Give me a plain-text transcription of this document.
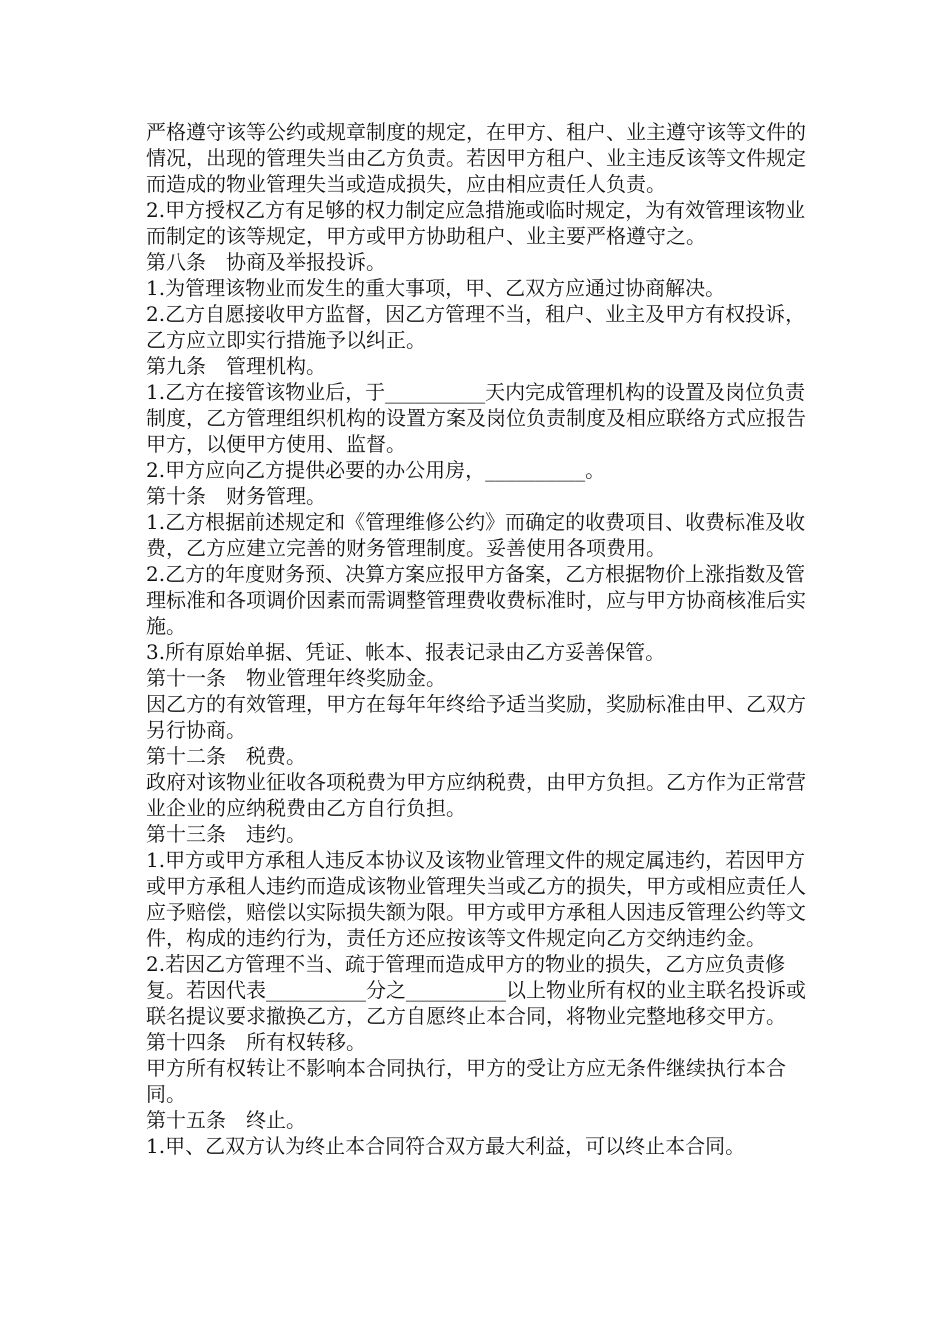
严格遵守该等公约或规章制度的规定，在甲方、租户、业主遵守该等文件的情况，出现的管理失当由乙方负责。若因甲方租户、业主违反该等文件规定而造成的物业管理失当或造成损失，应由相应责任人负责。

2.甲方授权乙方有足够的权力制定应急措施或临时规定，为有效管理该物业而制定的该等规定，甲方或甲方协助租户、业主要严格遵守之。

第八条　协商及举报投诉。

1.为管理该物业而发生的重大事项，甲、乙双方应通过协商解决。

2.乙方自愿接收甲方监督，因乙方管理不当，租户、业主及甲方有权投诉，乙方应立即实行措施予以纠正。

第九条　管理机构。

1.乙方在接管该物业后，于__________天内完成管理机构的设置及岗位负责制度，乙方管理组织机构的设置方案及岗位负责制度及相应联络方式应报告甲方，以便甲方使用、监督。

2.甲方应向乙方提供必要的办公用房，__________。

第十条　财务管理。

1.乙方根据前述规定和《管理维修公约》而确定的收费项目、收费标准及收费，乙方应建立完善的财务管理制度。妥善使用各项费用。

2.乙方的年度财务预、决算方案应报甲方备案，乙方根据物价上涨指数及管理标准和各项调价因素而需调整管理费收费标准时，应与甲方协商核准后实施。

3.所有原始单据、凭证、帐本、报表记录由乙方妥善保管。

第十一条　物业管理年终奖励金。

因乙方的有效管理，甲方在每年年终给予适当奖励，奖励标准由甲、乙双方另行协商。

第十二条　税费。

政府对该物业征收各项税费为甲方应纳税费，由甲方负担。乙方作为正常营业企业的应纳税费由乙方自行负担。

第十三条　违约。

1.甲方或甲方承租人违反本协议及该物业管理文件的规定属违约，若因甲方或甲方承租人违约而造成该物业管理失当或乙方的损失，甲方或相应责任人应予赔偿，赔偿以实际损失额为限。甲方或甲方承租人因违反管理公约等文件，构成的违约行为，责任方还应按该等文件规定向乙方交纳违约金。

2.若因乙方管理不当、疏于管理而造成甲方的物业的损失，乙方应负责修复。若因代表__________分之__________以上物业所有权的业主联名投诉或联名提议要求撤换乙方，乙方自愿终止本合同，将物业完整地移交甲方。

第十四条　所有权转移。

甲方所有权转让不影响本合同执行，甲方的受让方应无条件继续执行本合同。

第十五条　终止。

1.甲、乙双方认为终止本合同符合双方最大利益，可以终止本合同。
